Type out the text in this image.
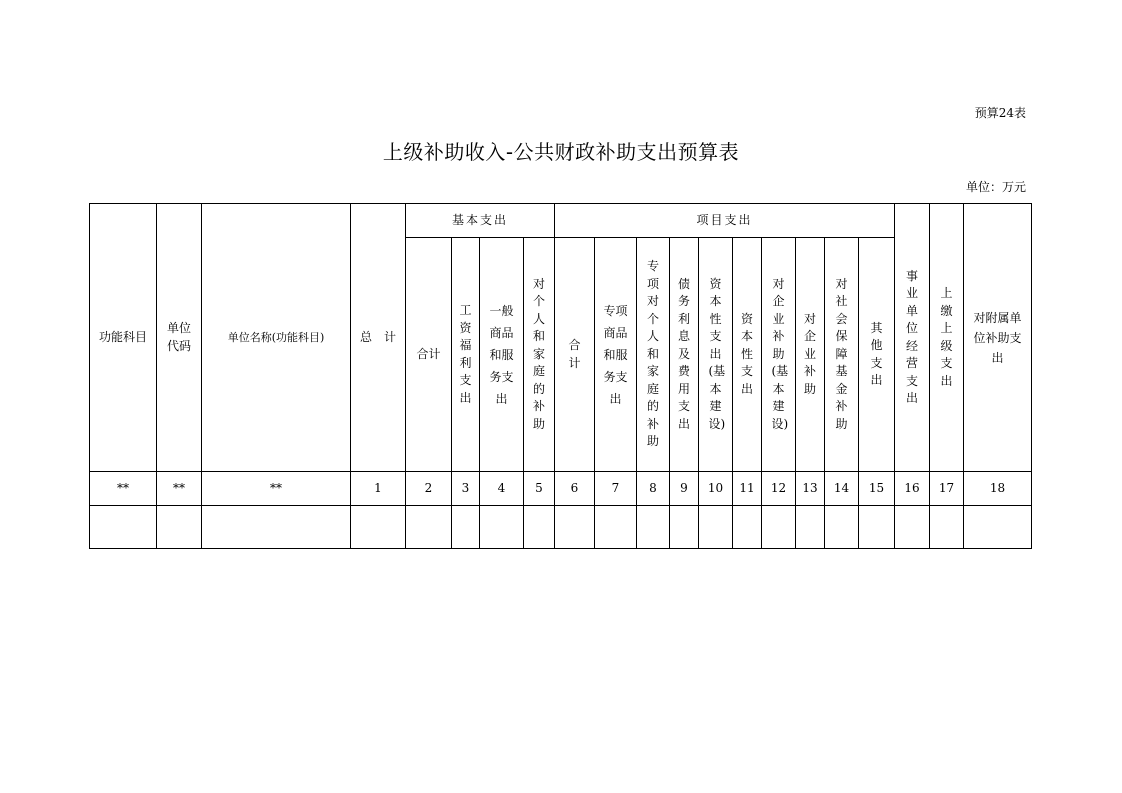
预算24表
上级补助收入-公共财政补助支出预算表
单位：万元
功能科目	单位代码	单位名称(功能科目)	总　计	基本支出				项目支出										事业单位经营支出	上缴上级支出	对附属单位补助支出
				合计	工资福利支出	一般商品和服务支出	对个人和家庭的补助	合计	专项商品和服务支出	专项对个人和家庭的补助	债务利息及费用支出	资本性支出(基本建设)	资本性支出	对企业补助(基本建设)	对企业补助	对社会保障基金补助	其他支出			
**	**	**	1	2	3	4	5	6	7	8	9	10	11	12	13	14	15	16	17	18
